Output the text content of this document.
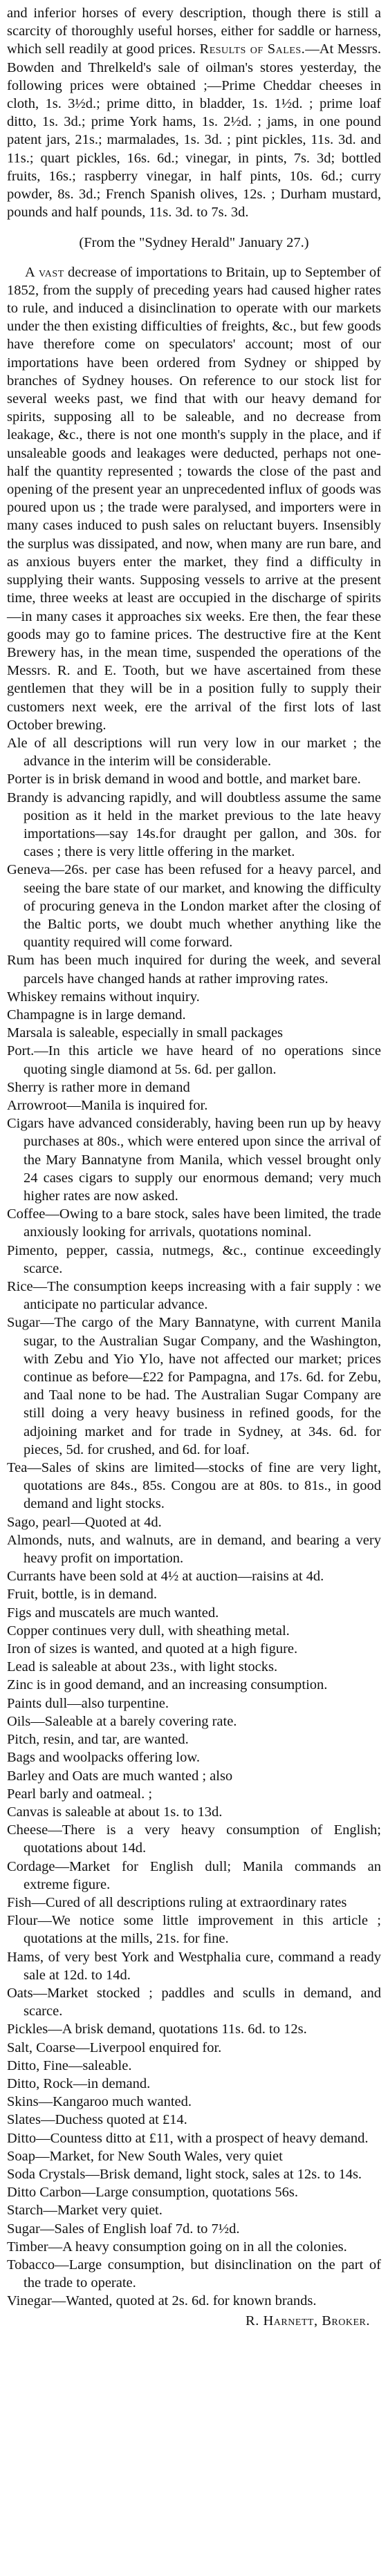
and inferior horses of every description, though there is still a scarcity of thoroughly useful horses, either for saddle or harness, which sell readily at good prices. Results of Sales.—At Messrs. Bowden and Threlkeld's sale of oilman's stores yesterday, the following prices were obtained ;—Prime Cheddar cheeses in cloth, 1s. 3½d.; prime ditto, in bladder, 1s. 1½d. ; prime loaf ditto, 1s. 3d.; prime York hams, 1s. 2½d. ; jams, in one pound patent jars, 21s.; marmalades, 1s. 3d. ; pint pickles, 11s. 3d. and 11s.; quart pickles, 16s. 6d.; vinegar, in pints, 7s. 3d; bottled fruits, 16s.; raspberry vinegar, in half pints, 10s. 6d.; curry powder, 8s. 3d.; French Spanish olives, 12s. ; Durham mustard, pounds and half pounds, 11s. 3d. to 7s. 3d.

(From the "Sydney Herald" January 27.)

A vast decrease of importations to Britain, up to September of 1852, from the supply of preceding years had caused higher rates to rule, and induced a disinclination to operate with our markets under the then existing difficulties of freights, &c., but few goods have therefore come on speculators' account; most of our importations have been ordered from Sydney or shipped by branches of Sydney houses. On reference to our stock list for several weeks past, we find that with our heavy demand for spirits, supposing all to be saleable, and no decrease from leakage, &c., there is not one month's supply in the place, and if unsaleable goods and leakages were deducted, perhaps not one-half the quantity represented ; towards the close of the past and opening of the present year an unprecedented influx of goods was poured upon us ; the trade were paralysed, and importers were in many cases induced to push sales on reluctant buyers. Insensibly the surplus was dissipated, and now, when many are run bare, and as anxious buyers enter the market, they find a difficulty in supplying their wants. Supposing vessels to arrive at the present time, three weeks at least are occupied in the discharge of spirits—in many cases it approaches six weeks. Ere then, the fear these goods may go to famine prices. The destructive fire at the Kent Brewery has, in the mean time, suspended the operations of the Messrs. R. and E. Tooth, but we have ascertained from these gentlemen that they will be in a position fully to supply their customers next week, ere the arrival of the first lots of last October brewing.

Ale of all descriptions will run very low in our market ; the advance in the interim will be considerable.

Porter is in brisk demand in wood and bottle, and market bare.

Brandy is advancing rapidly, and will doubtless assume the same position as it held in the market previous to the late heavy importations—say 14s.for draught per gallon, and 30s. for cases ; there is very little offering in the market.

Geneva—26s. per case has been refused for a heavy parcel, and seeing the bare state of our market, and knowing the difficulty of procuring geneva in the London market after the closing of the Baltic ports, we doubt much whether anything like the quantity required will come forward.

Rum has been much inquired for during the week, and several parcels have changed hands at rather improving rates.

Whiskey remains without inquiry.

Champagne is in large demand.

Marsala is saleable, especially in small packages

Port.—In this article we have heard of no operations since quoting single diamond at 5s. 6d. per gallon.

Sherry is rather more in demand

Arrowroot—Manila is inquired for.

Cigars have advanced considerably, having been run up by heavy purchases at 80s., which were entered upon since the arrival of the Mary Bannatyne from Manila, which vessel brought only 24 cases cigars to supply our enormous demand; very much higher rates are now asked.

Coffee—Owing to a bare stock, sales have been limited, the trade anxiously looking for arrivals, quotations nominal.

Pimento, pepper, cassia, nutmegs, &c., continue exceedingly scarce.

Rice—The consumption keeps increasing with a fair supply : we anticipate no particular advance.

Sugar—The cargo of the Mary Bannatyne, with current Manila sugar, to the Australian Sugar Company, and the Washington, with Zebu and Yio Ylo, have not affected our market; prices continue as before—£22 for Pampagna, and 17s. 6d. for Zebu, and Taal none to be had. The Australian Sugar Company are still doing a very heavy business in refined goods, for the adjoining market and for trade in Sydney, at 34s. 6d. for pieces, 5d. for crushed, and 6d. for loaf.

Tea—Sales of skins are limited—stocks of fine are very light, quotations are 84s., 85s. Congou are at 80s. to 81s., in good demand and light stocks.

Sago, pearl—Quoted at 4d.

Almonds, nuts, and walnuts, are in demand, and bearing a very heavy profit on importation.

Currants have been sold at 4½ at auction—raisins at 4d.

Fruit, bottle, is in demand.

Figs and muscatels are much wanted.

Copper continues very dull, with sheathing metal.

Iron of sizes is wanted, and quoted at a high figure.

Lead is saleable at about 23s., with light stocks.

Zinc is in good demand, and an increasing consumption.

Paints dull—also turpentine.

Oils—Saleable at a barely covering rate.

Pitch, resin, and tar, are wanted.

Bags and woolpacks offering low.

Barley and Oats are much wanted ; also

Pearl barly and oatmeal. ;

Canvas is saleable at about 1s. to 13d.

Cheese—There is a very heavy consumption of English; quotations about 14d.

Cordage—Market for English dull; Manila commands an extreme figure.

Fish—Cured of all descriptions ruling at extraordinary rates

Flour—We notice some little improvement in this article ; quotations at the mills, 21s. for fine.

Hams, of very best York and Westphalia cure, command a ready sale at 12d. to 14d.

Oats—Market stocked ; paddles and sculls in demand, and scarce.

Pickles—A brisk demand, quotations 11s. 6d. to 12s.

Salt, Coarse—Liverpool enquired for.

Ditto, Fine—saleable.

Ditto, Rock—in demand.

Skins—Kangaroo much wanted.

Slates—Duchess quoted at £14.

Ditto—Countess ditto at £11, with a prospect of heavy demand.

Soap—Market, for New South Wales, very quiet

Soda Crystals—Brisk demand, light stock, sales at 12s. to 14s.

Ditto Carbon—Large consumption, quotations 56s.

Starch—Market very quiet.

Sugar—Sales of English loaf 7d. to 7½d.

Timber—A heavy consumption going on in all the colonies.

Tobacco—Large consumption, but disinclination on the part of the trade to operate.

Vinegar—Wanted, quoted at 2s. 6d. for known brands.

R. Harnett, Broker.
